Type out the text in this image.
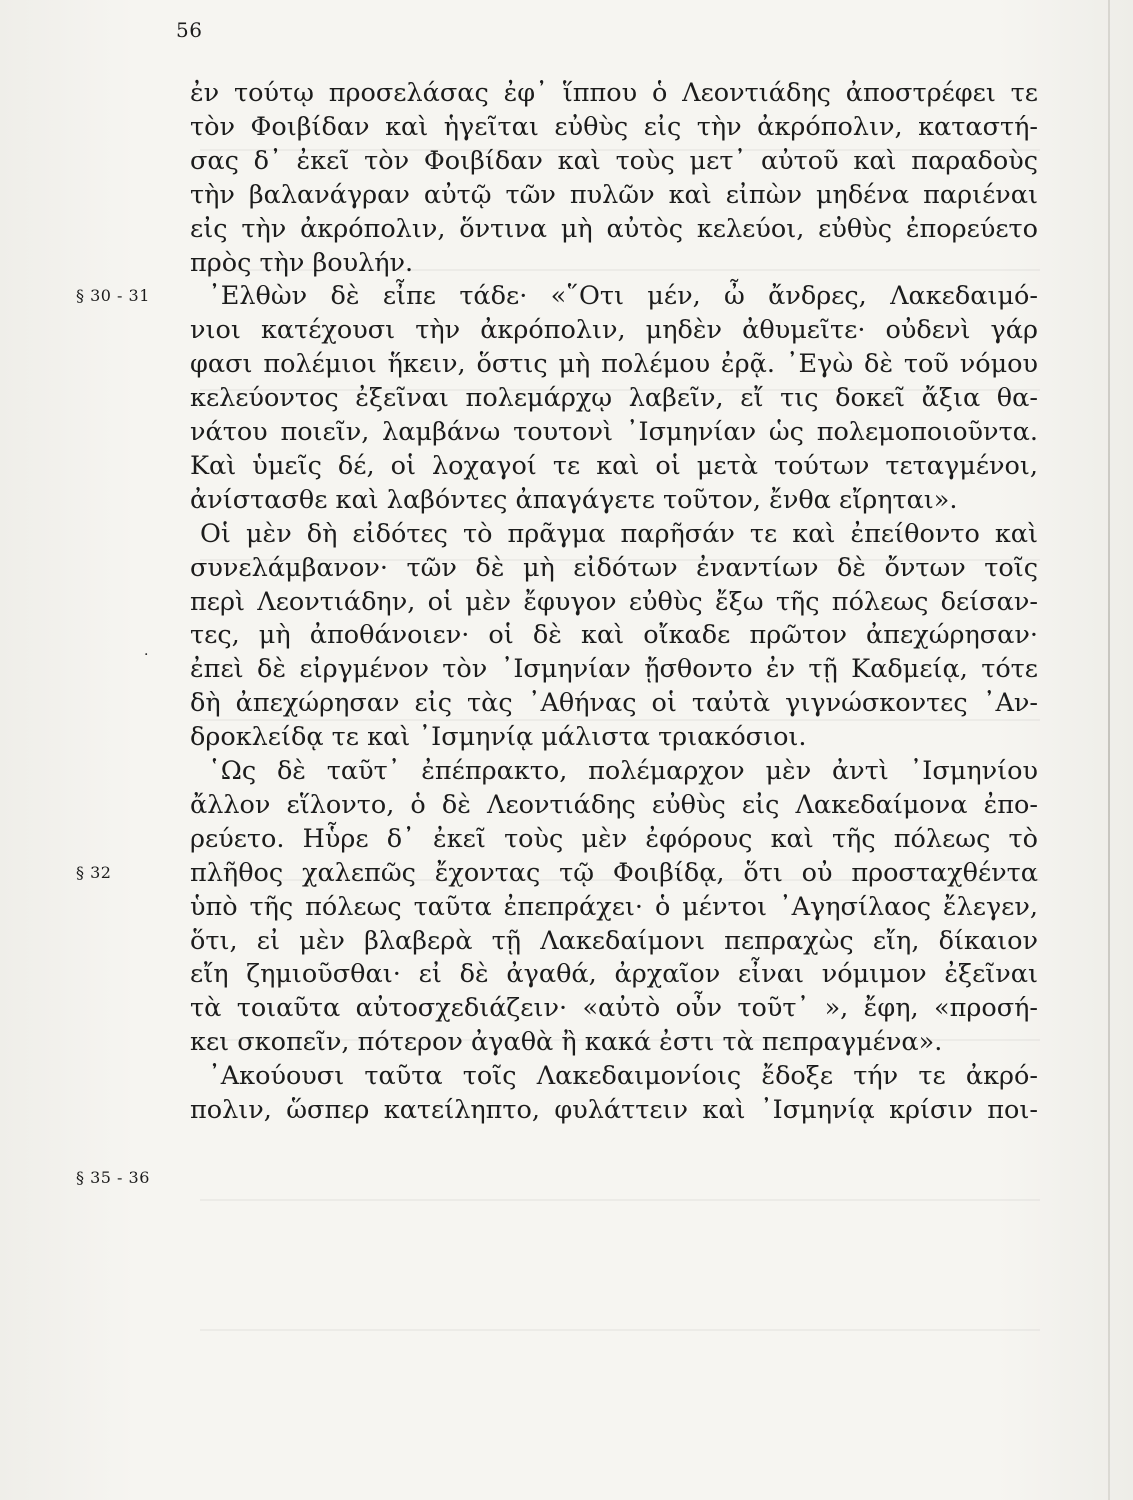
56
§ 30 - 31
§ 32
§ 35 - 36
·
ἐν τούτῳ προσελάσας ἐφ᾽ ἵππου ὁ Λεοντιάδης ἀποστρέφει τε
τὸν Φοιβίδαν καὶ ἡγεῖται εὐθὺς εἰς τὴν ἀκρόπολιν, καταστή-
σας δ᾽ ἐκεῖ τὸν Φοιβίδαν καὶ τοὺς μετ᾽ αὐτοῦ καὶ παραδοὺς
τὴν βαλανάγραν αὐτῷ τῶν πυλῶν καὶ εἰπὼν μηδένα παριέναι
εἰς τὴν ἀκρόπολιν, ὅντινα μὴ αὐτὸς κελεύοι, εὐθὺς ἐπορεύετο
πρὸς τὴν βουλήν.
᾽Ελθὼν δὲ εἶπε τάδε· «῞Οτι μέν, ὦ ἄνδρες, Λακεδαιμό-
νιοι κατέχουσι τὴν ἀκρόπολιν, μηδὲν ἀθυμεῖτε· οὐδενὶ γάρ
φασι πολέμιοι ἥκειν, ὅστις μὴ πολέμου ἐρᾷ. ᾽Εγὼ δὲ τοῦ νόμου
κελεύοντος ἐξεῖναι πολεμάρχῳ λαβεῖν, εἴ τις δοκεῖ ἄξια θα-
νάτου ποιεῖν, λαμβάνω τουτονὶ ᾽Ισμηνίαν ὡς πολεμοποιοῦντα.
Καὶ ὑμεῖς δέ, οἱ λοχαγοί τε καὶ οἱ μετὰ τούτων τεταγμένοι,
ἀνίστασθε καὶ λαβόντες ἀπαγάγετε τοῦτον, ἔνθα εἴρηται».
Οἱ μὲν δὴ εἰδότες τὸ πρᾶγμα παρῆσάν τε καὶ ἐπείθοντο καὶ
συνελάμβανον· τῶν δὲ μὴ εἰδότων ἐναντίων δὲ ὄντων τοῖς
περὶ Λεοντιάδην, οἱ μὲν ἔφυγον εὐθὺς ἔξω τῆς πόλεως δείσαν-
τες, μὴ ἀποθάνοιεν· οἱ δὲ καὶ οἴκαδε πρῶτον ἀπεχώρησαν·
ἐπεὶ δὲ εἰργμένον τὸν ᾽Ισμηνίαν ᾔσθοντο ἐν τῇ Καδμείᾳ, τότε
δὴ ἀπεχώρησαν εἰς τὰς ᾽Αθήνας οἱ ταὐτὰ γιγνώσκοντες ᾽Αν-
δροκλείδᾳ τε καὶ ᾽Ισμηνίᾳ μάλιστα τριακόσιοι.
῾Ως δὲ ταῦτ᾽ ἐπέπρακτο, πολέμαρχον μὲν ἀντὶ ᾽Ισμηνίου
ἄλλον εἵλοντο, ὁ δὲ Λεοντιάδης εὐθὺς εἰς Λακεδαίμονα ἐπο-
ρεύετο. Ηὗρε δ᾽ ἐκεῖ τοὺς μὲν ἐφόρους καὶ τῆς πόλεως τὸ
πλῆθος χαλεπῶς ἔχοντας τῷ Φοιβίδᾳ, ὅτι οὐ προσταχθέντα
ὑπὸ τῆς πόλεως ταῦτα ἐπεπράχει· ὁ μέντοι ᾽Αγησίλαος ἔλεγεν,
ὅτι, εἰ μὲν βλαβερὰ τῇ Λακεδαίμονι πεπραχὼς εἴη, δίκαιον
εἴη ζημιοῦσθαι· εἰ δὲ ἀγαθά, ἀρχαῖον εἶναι νόμιμον ἐξεῖναι
τὰ τοιαῦτα αὐτοσχεδιάζειν· «αὐτὸ οὖν τοῦτ᾽ », ἔφη, «προσή-
κει σκοπεῖν, πότερον ἀγαθὰ ἢ κακά ἐστι τὰ πεπραγμένα».
᾽Ακούουσι ταῦτα τοῖς Λακεδαιμονίοις ἔδοξε τήν τε ἀκρό-
πολιν, ὥσπερ κατείληπτο, φυλάττειν καὶ ᾽Ισμηνίᾳ κρίσιν ποι-
